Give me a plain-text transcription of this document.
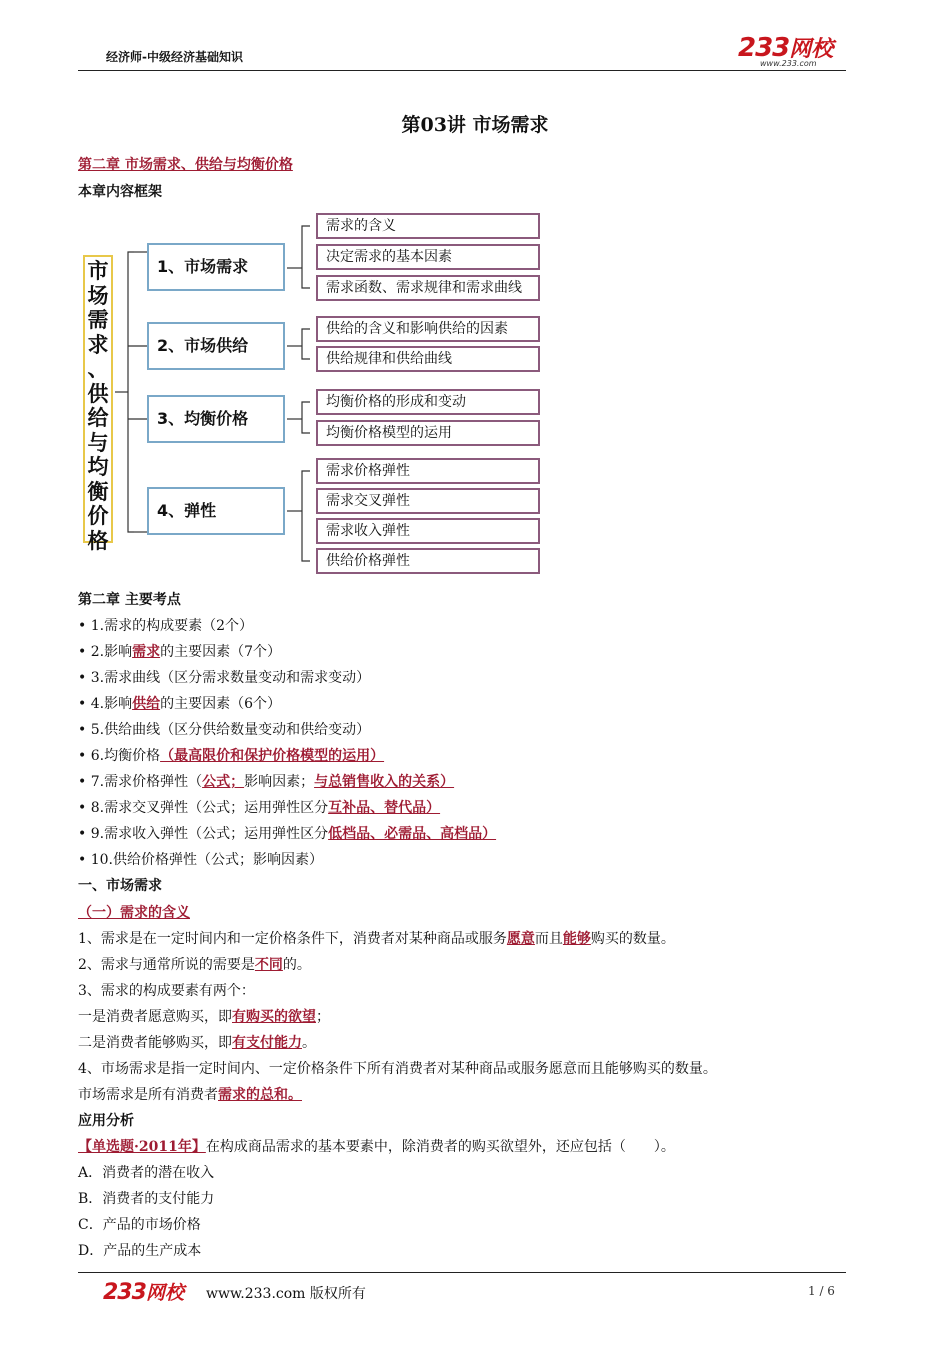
经济师-中级经济基础知识	233 网校
www.233.com
第03讲 市场需求
第二章 市场需求、供给与均衡价格
本章内容框架
市
场
需
求
、
供
给
与
均
衡
价
格
1、市场需求
2、市场供给
3、均衡价格
4、弹性
需求的含义
决定需求的基本因素
需求函数、需求规律和需求曲线
供给的含义和影响供给的因素
供给规律和供给曲线
均衡价格的形成和变动
均衡价格模型的运用
需求价格弹性
需求交叉弹性
需求收入弹性
供给价格弹性
第二章 主要考点
• 1.需求的构成要素（2个）
• 2.影响需求的主要因素（7个）
• 3.需求曲线（区分需求数量变动和需求变动）
• 4.影响供给的主要因素（6个）
• 5.供给曲线（区分供给数量变动和供给变动）
• 6.均衡价格（最高限价和保护价格模型的运用）
• 7.需求价格弹性（公式；影响因素；与总销售收入的关系）
• 8.需求交叉弹性（公式；运用弹性区分互补品、替代品）
• 9.需求收入弹性（公式；运用弹性区分低档品、必需品、高档品）
• 10.供给价格弹性（公式；影响因素）
一、市场需求
（一）需求的含义
1、需求是在一定时间内和一定价格条件下，消费者对某种商品或服务愿意而且能够购买的数量。
2、需求与通常所说的需要是不同的。
3、需求的构成要素有两个：
一是消费者愿意购买，即有购买的欲望；
二是消费者能够购买，即有支付能力。
4、市场需求是指一定时间内、一定价格条件下所有消费者对某种商品或服务愿意而且能够购买的数量。
市场需求是所有消费者需求的总和。
应用分析
【单选题·2011年】在构成商品需求的基本要素中，除消费者的购买欲望外，还应包括（　　）。
A．消费者的潜在收入
B．消费者的支付能力
C．产品的市场价格
D．产品的生产成本
233 网校 www.233.com 版权所有	1 / 6
